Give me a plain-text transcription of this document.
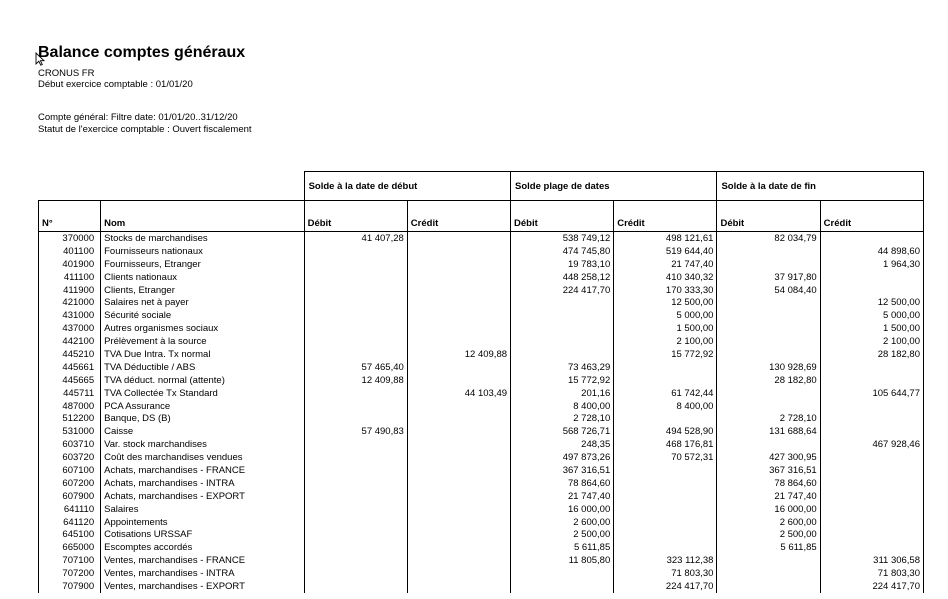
Balance comptes généraux
CRONUS FR
Début exercice comptable : 01/01/20
Compte général: Filtre date: 01/01/20..31/12/20
Statut de l'exercice comptable : Ouvert fiscalement
		Solde à la date de début		Solde plage de dates		Solde à la date de fin	
N°	Nom	Débit	Crédit	Débit	Crédit	Débit	Crédit
370000	Stocks de marchandises	41 407,28		538 749,12	498 121,61	82 034,79	
401100	Fournisseurs nationaux			474 745,80	519 644,40		44 898,60
401900	Fournisseurs, Etranger			19 783,10	21 747,40		1 964,30
411100	Clients nationaux			448 258,12	410 340,32	37 917,80	
411900	Clients, Etranger			224 417,70	170 333,30	54 084,40	
421000	Salaires net à payer				12 500,00		12 500,00
431000	Sécurité sociale				5 000,00		5 000,00
437000	Autres organismes sociaux				1 500,00		1 500,00
442100	Prélèvement à la source				2 100,00		2 100,00
445210	TVA Due Intra. Tx normal		12 409,88		15 772,92		28 182,80
445661	TVA Déductible / ABS	57 465,40		73 463,29		130 928,69	
445665	TVA déduct. normal (attente)	12 409,88		15 772,92		28 182,80	
445711	TVA Collectée Tx Standard		44 103,49	201,16	61 742,44		105 644,77
487000	PCA Assurance			8 400,00	8 400,00		
512200	Banque, DS (B)			2 728,10		2 728,10	
531000	Caisse	57 490,83		568 726,71	494 528,90	131 688,64	
603710	Var. stock marchandises			248,35	468 176,81		467 928,46
603720	Coût des marchandises vendues			497 873,26	70 572,31	427 300,95	
607100	Achats, marchandises - FRANCE			367 316,51		367 316,51	
607200	Achats, marchandises - INTRA			78 864,60		78 864,60	
607900	Achats, marchandises - EXPORT			21 747,40		21 747,40	
641110	Salaires			16 000,00		16 000,00	
641120	Appointements			2 600,00		2 600,00	
645100	Cotisations URSSAF			2 500,00		2 500,00	
665000	Escomptes accordés			5 611,85		5 611,85	
707100	Ventes, marchandises - FRANCE			11 805,80	323 112,38		311 306,58
707200	Ventes, marchandises - INTRA				71 803,30		71 803,30
707900	Ventes, marchandises - EXPORT				224 417,70		224 417,70
